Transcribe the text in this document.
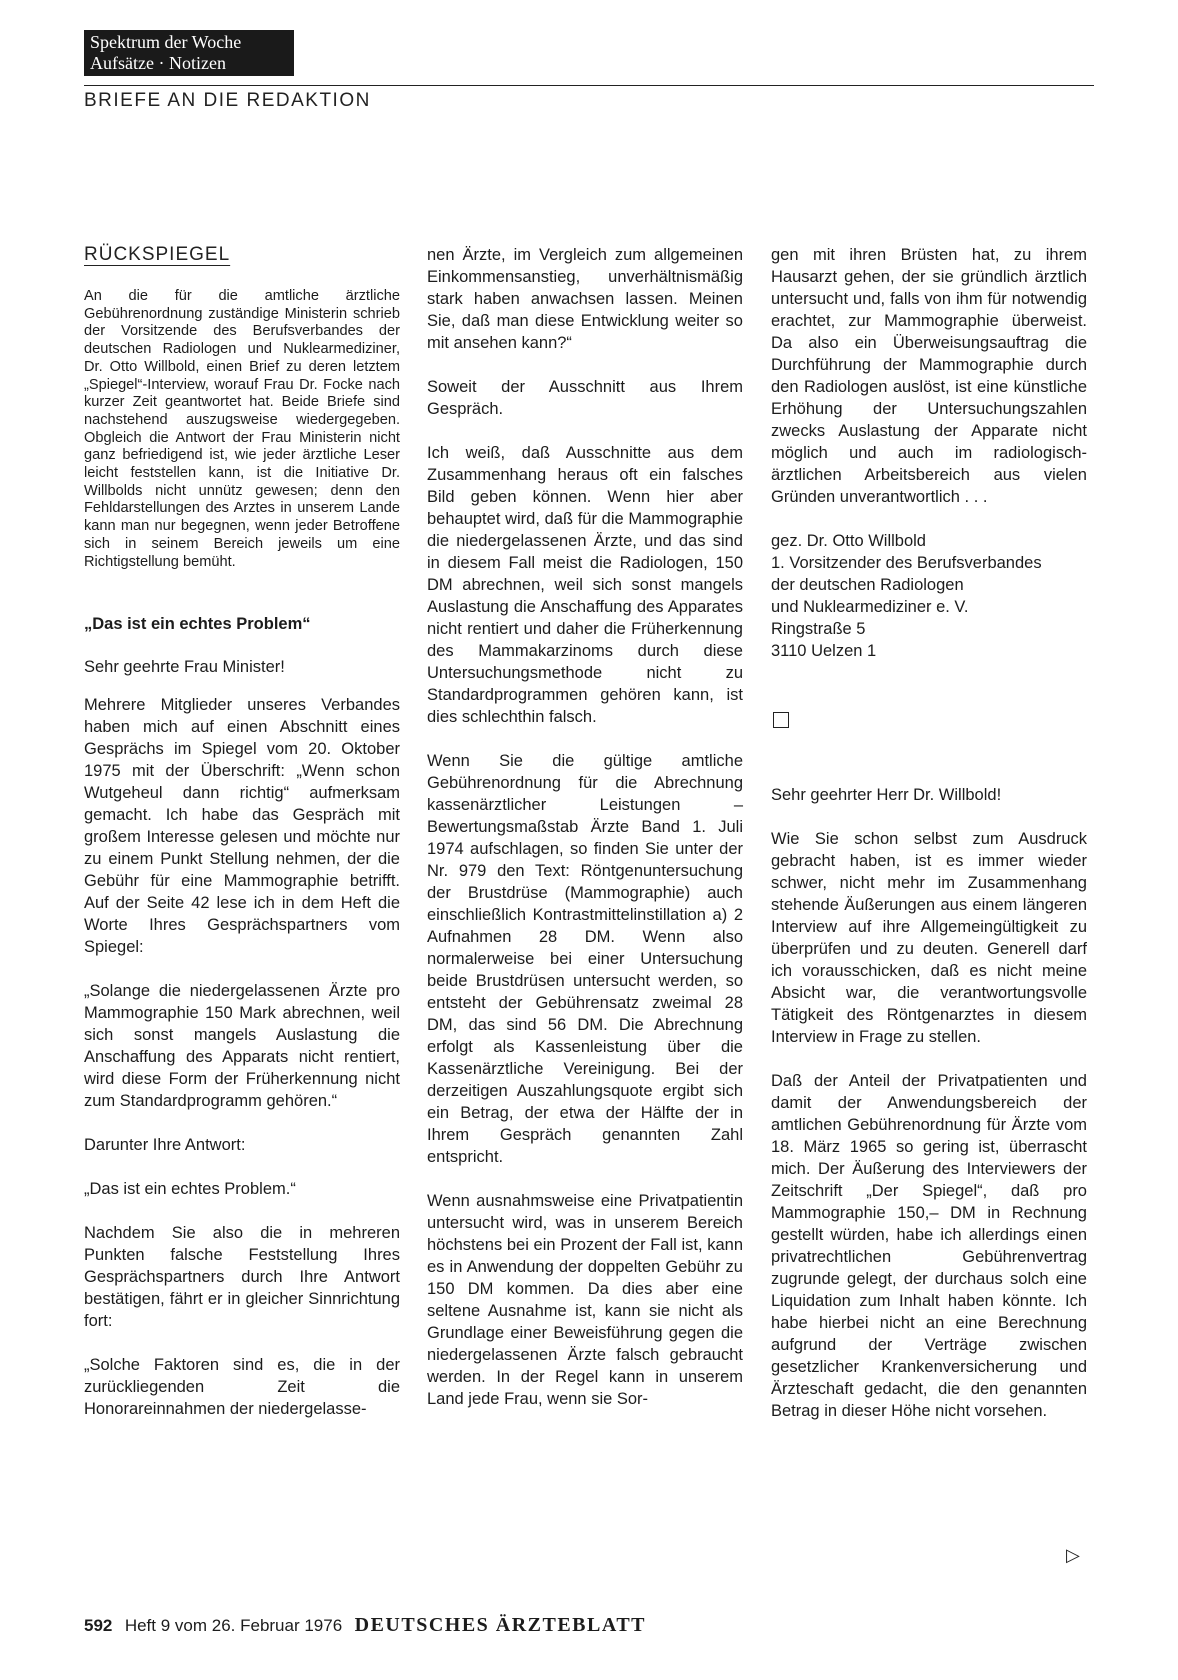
Spektrum der Woche
Aufsätze · Notizen
BRIEFE AN DIE REDAKTION
RÜCKSPIEGEL

An die für die amtliche ärztliche Gebührenordnung zuständige Ministerin schrieb der Vorsitzende des Berufsverbandes der deutschen Radiologen und Nuklearmediziner, Dr. Otto Willbold, einen Brief zu deren letztem „Spiegel“-Interview, worauf Frau Dr. Focke nach kurzer Zeit geantwortet hat. Beide Briefe sind nachstehend auszugsweise wiedergegeben. Obgleich die Antwort der Frau Ministerin nicht ganz befriedigend ist, wie jeder ärztliche Leser leicht feststellen kann, ist die Initiative Dr. Willbolds nicht unnütz gewesen; denn den Fehldarstellungen des Arztes in unserem Lande kann man nur begegnen, wenn jeder Betroffene sich in seinem Bereich jeweils um eine Richtigstellung bemüht.

„Das ist ein echtes Problem“

Sehr geehrte Frau Minister!

Mehrere Mitglieder unseres Verbandes haben mich auf einen Abschnitt eines Gesprächs im Spiegel vom 20. Oktober 1975 mit der Überschrift: „Wenn schon Wutgeheul dann richtig“ aufmerksam gemacht. Ich habe das Gespräch mit großem Interesse gelesen und möchte nur zu einem Punkt Stellung nehmen, der die Gebühr für eine Mammographie betrifft. Auf der Seite 42 lese ich in dem Heft die Worte Ihres Gesprächspartners vom Spiegel:

„Solange die niedergelassenen Ärzte pro Mammographie 150 Mark abrechnen, weil sich sonst mangels Auslastung die Anschaffung des Apparats nicht rentiert, wird diese Form der Früherkennung nicht zum Standardprogramm gehören.“

Darunter Ihre Antwort:

„Das ist ein echtes Problem.“

Nachdem Sie also die in mehreren Punkten falsche Feststellung Ihres Gesprächspartners durch Ihre Antwort bestätigen, fährt er in gleicher Sinnrichtung fort:

„Solche Faktoren sind es, die in der zurückliegenden Zeit die Honorareinnahmen der niedergelasse-

nen Ärzte, im Vergleich zum allgemeinen Einkommensanstieg, unverhältnismäßig stark haben anwachsen lassen. Meinen Sie, daß man diese Entwicklung weiter so mit ansehen kann?“

Soweit der Ausschnitt aus Ihrem Gespräch.

Ich weiß, daß Ausschnitte aus dem Zusammenhang heraus oft ein falsches Bild geben können. Wenn hier aber behauptet wird, daß für die Mammographie die niedergelassenen Ärzte, und das sind in diesem Fall meist die Radiologen, 150 DM abrechnen, weil sich sonst mangels Auslastung die Anschaffung des Apparates nicht rentiert und daher die Früherkennung des Mammakarzinoms durch diese Untersuchungsmethode nicht zu Standardprogrammen gehören kann, ist dies schlechthin falsch.

Wenn Sie die gültige amtliche Gebührenordnung für die Abrechnung kassenärztlicher Leistungen – Bewertungsmaßstab Ärzte Band 1. Juli 1974 aufschlagen, so finden Sie unter der Nr. 979 den Text: Röntgenuntersuchung der Brustdrüse (Mammographie) auch einschließlich Kontrastmittelinstillation a) 2 Aufnahmen 28 DM. Wenn also normalerweise bei einer Untersuchung beide Brustdrüsen untersucht werden, so entsteht der Gebührensatz zweimal 28 DM, das sind 56 DM. Die Abrechnung erfolgt als Kassenleistung über die Kassenärztliche Vereinigung. Bei der derzeitigen Auszahlungsquote ergibt sich ein Betrag, der etwa der Hälfte der in Ihrem Gespräch genannten Zahl entspricht.

Wenn ausnahmsweise eine Privatpatientin untersucht wird, was in unserem Bereich höchstens bei ein Prozent der Fall ist, kann es in Anwendung der doppelten Gebühr zu 150 DM kommen. Da dies aber eine seltene Ausnahme ist, kann sie nicht als Grundlage einer Beweisführung gegen die niedergelassenen Ärzte falsch gebraucht werden. In der Regel kann in unserem Land jede Frau, wenn sie Sor-

gen mit ihren Brüsten hat, zu ihrem Hausarzt gehen, der sie gründlich ärztlich untersucht und, falls von ihm für notwendig erachtet, zur Mammographie überweist. Da also ein Überweisungsauftrag die Durchführung der Mammographie durch den Radiologen auslöst, ist eine künstliche Erhöhung der Untersuchungszahlen zwecks Auslastung der Apparate nicht möglich und auch im radiologisch-ärztlichen Arbeitsbereich aus vielen Gründen unverantwortlich . . .

gez. Dr. Otto Willbold
1. Vorsitzender des Berufsverbandes
der deutschen Radiologen
und Nuklearmediziner e. V.
Ringstraße 5
3110 Uelzen 1

Sehr geehrter Herr Dr. Willbold!

Wie Sie schon selbst zum Ausdruck gebracht haben, ist es immer wieder schwer, nicht mehr im Zusammenhang stehende Äußerungen aus einem längeren Interview auf ihre Allgemeingültigkeit zu überprüfen und zu deuten. Generell darf ich vorausschicken, daß es nicht meine Absicht war, die verantwortungsvolle Tätigkeit des Röntgenarztes in diesem Interview in Frage zu stellen.

Daß der Anteil der Privatpatienten und damit der Anwendungsbereich der amtlichen Gebührenordnung für Ärzte vom 18. März 1965 so gering ist, überrascht mich. Der Äußerung des Interviewers der Zeitschrift „Der Spiegel“, daß pro Mammographie 150,– DM in Rechnung gestellt würden, habe ich allerdings einen privatrechtlichen Gebührenvertrag zugrunde gelegt, der durchaus solch eine Liquidation zum Inhalt haben könnte. Ich habe hierbei nicht an eine Berechnung aufgrund der Verträge zwischen gesetzlicher Krankenversicherung und Ärzteschaft gedacht, die den genannten Betrag in dieser Höhe nicht vorsehen.

▷
592 Heft 9 vom 26. Februar 1976 DEUTSCHES ÄRZTEBLATT
